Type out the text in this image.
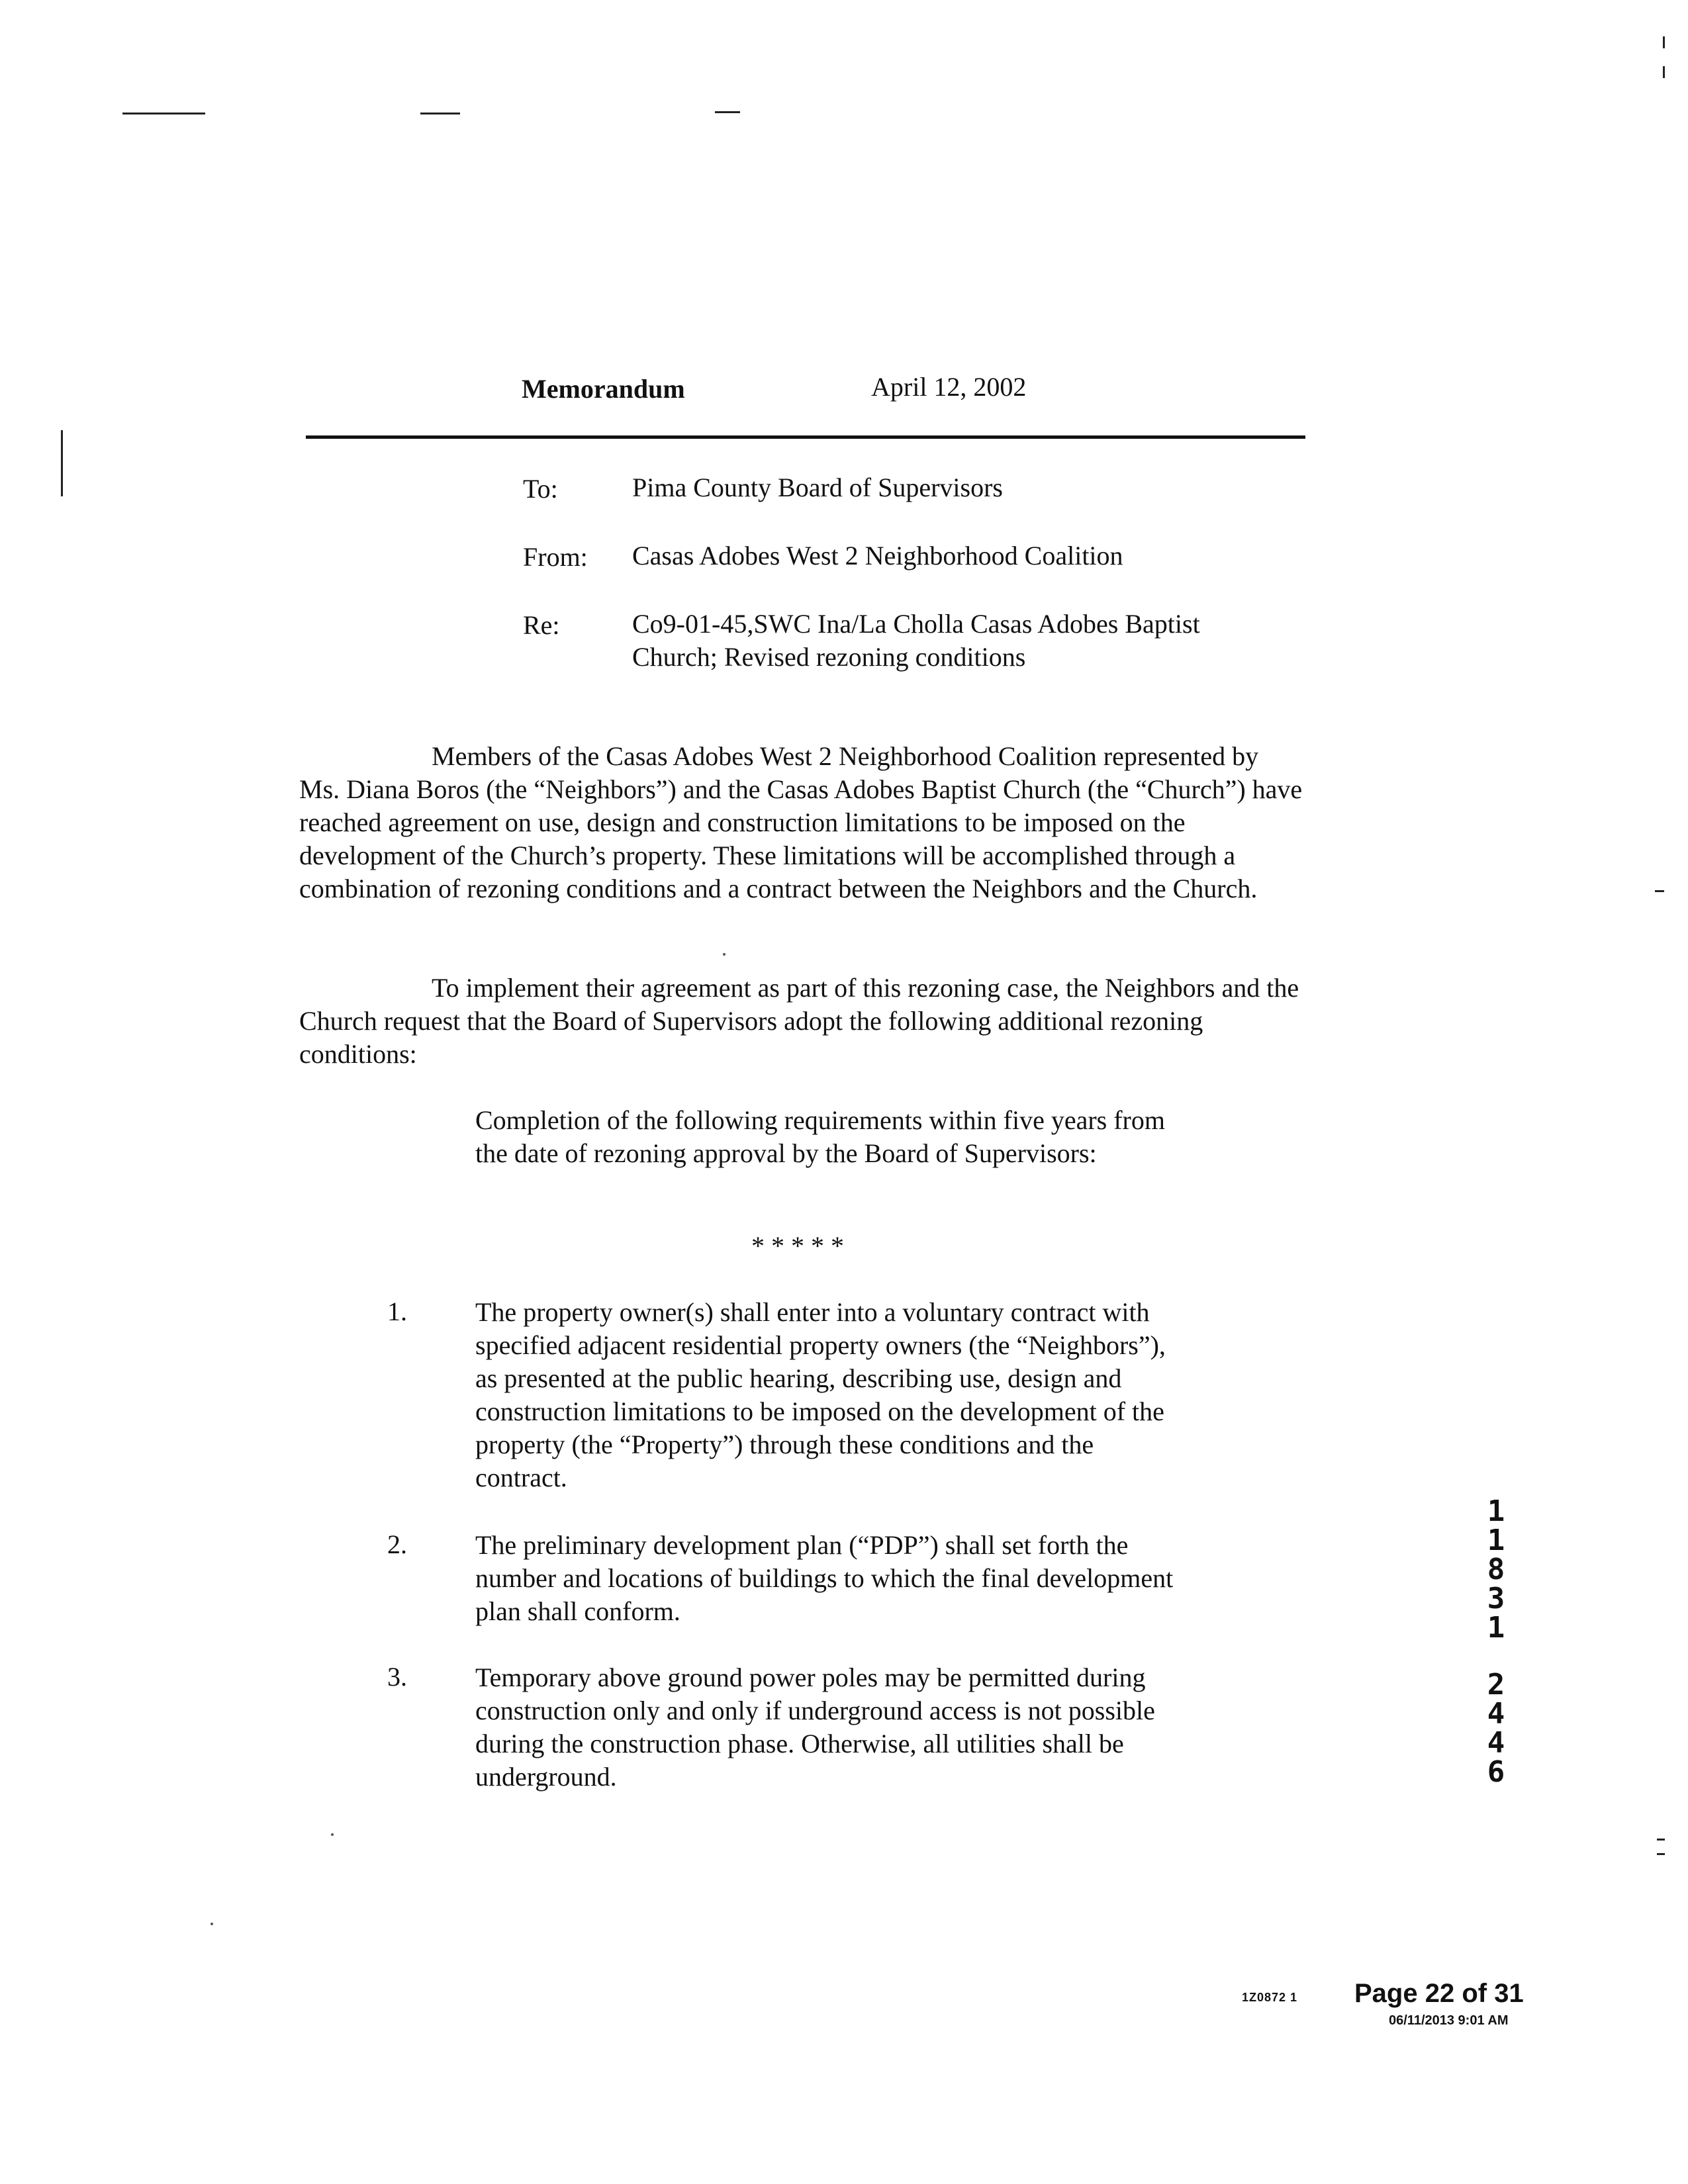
Memorandum	April 12, 2002
To:	Pima County Board of Supervisors
From: Casas Adobes West 2 Neighborhood Coalition
Re:	Co9-01-45,SWC Ina/La Cholla Casas Adobes Baptist
Church; Revised rezoning conditions
Members of the Casas Adobes West 2 Neighborhood Coalition represented by Ms. Diana Boros (the “Neighbors”) and the Casas Adobes Baptist Church (the “Church”) have reached agreement on use, design and construction limitations to be imposed on the development of the Church’s property. These limitations will be accomplished through a combination of rezoning conditions and a contract between the Neighbors and the Church.
To implement their agreement as part of this rezoning case, the Neighbors and the Church request that the Board of Supervisors adopt the following additional rezoning conditions:
Completion of the following requirements within five years from the date of rezoning approval by the Board of Supervisors:
* * * * *
1.	The property owner(s) shall enter into a voluntary contract with specified adjacent residential property owners (the “Neighbors”), as presented at the public hearing, describing use, design and construction limitations to be imposed on the development of the property (the “Property”) through these conditions and the contract.
2.	The preliminary development plan (“PDP”) shall set forth the number and locations of buildings to which the final development plan shall conform.
3.	Temporary above ground power poles may be permitted during construction only and only if underground access is not possible during the construction phase. Otherwise, all utilities shall be underground.
1
1
8
3
1
2
4
4
6
1Z0872 1 Page 22 of 31
06/11/2013 9:01 AM
